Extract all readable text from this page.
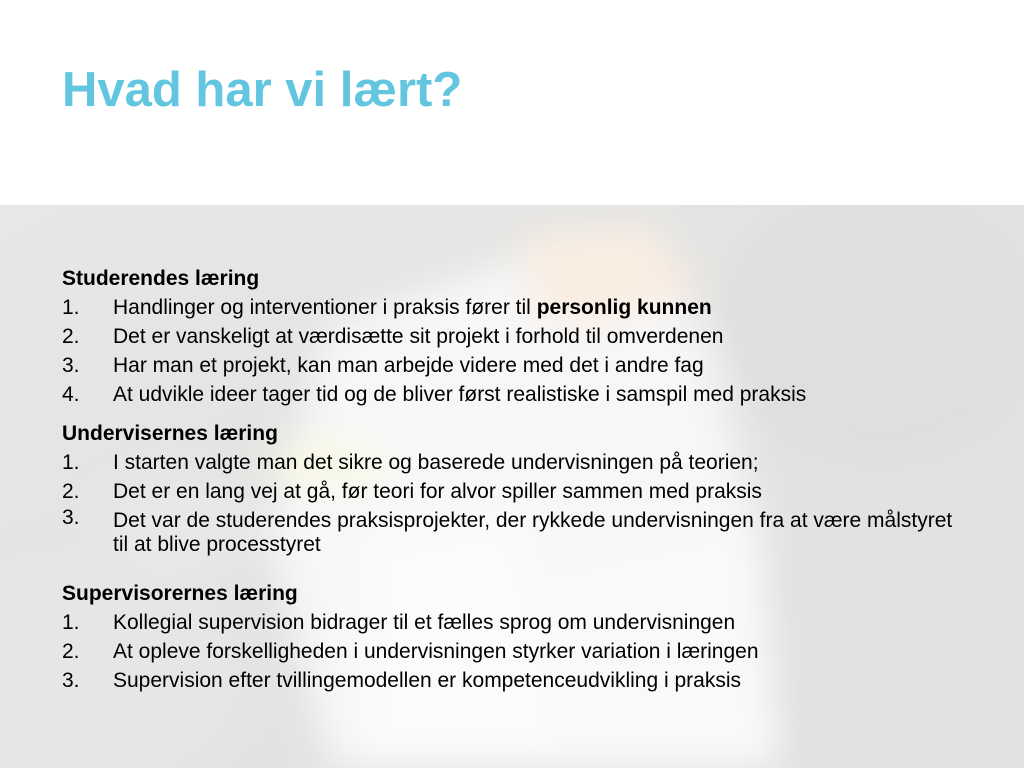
Hvad har vi lært?

Studerendes læring

1. Handlinger og interventioner i praksis fører til personlig kunnen
2. Det er vanskeligt at værdisætte sit projekt i forhold til omverdenen
3. Har man et projekt, kan man arbejde videre med det i andre fag
4. At udvikle ideer tager tid og de bliver først realistiske i samspil med praksis

Undervisernes læring

1. I starten valgte man det sikre og baserede undervisningen på teorien;
2. Det er en lang vej at gå, før teori for alvor spiller sammen med praksis
3. Det var de studerendes praksisprojekter, der rykkede undervisningen fra at være målstyret til at blive processtyret

Supervisorernes læring

1. Kollegial supervision bidrager til et fælles sprog om undervisningen
2. At opleve forskelligheden i undervisningen styrker variation i læringen
3. Supervision efter tvillingemodellen er kompetenceudvikling i praksis
